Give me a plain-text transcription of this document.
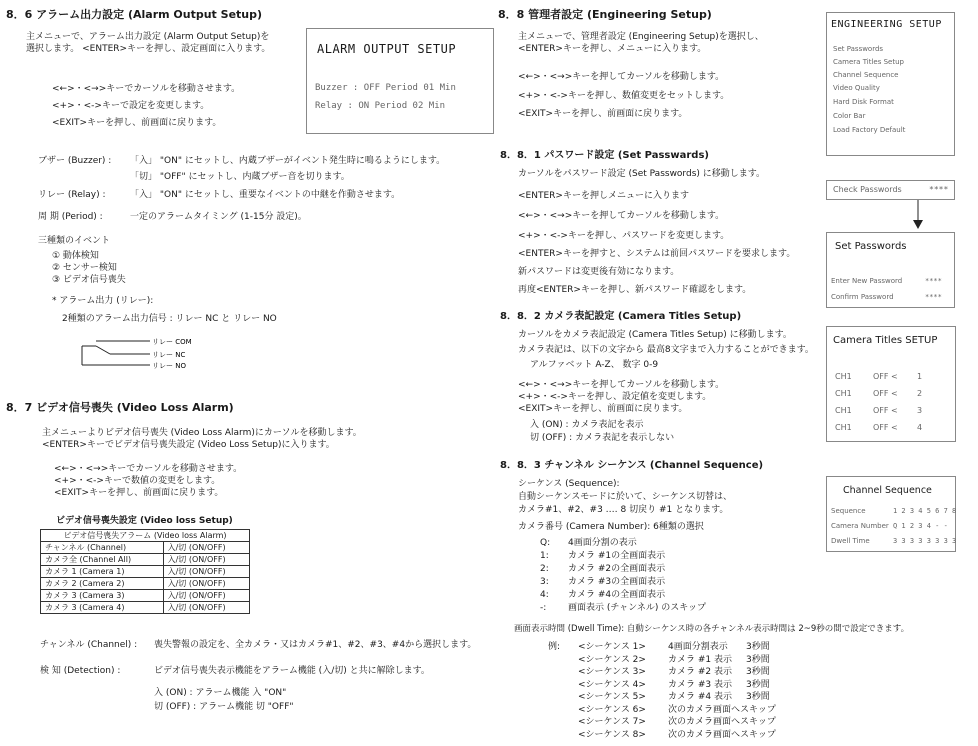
8．6 アラーム出力設定 (Alarm Output Setup)
主メニューで、アラーム出力設定 (Alarm Output Setup)を
選択します。 <ENTER>キーを押し、設定画面に入ります。
<←>・<→>キーでカーソルを移動させます。
<+>・<->キーで設定を変更します。
<EXIT>キーを押し、前画面に戻ります。
ALARM OUTPUT SETUP
Buzzer : OFF Period 01 Min
Relay : ON Period 02 Min
ブザー (Buzzer) : 「入」 "ON" にセットし、内蔵ブザーがイベント発生時に鳴るようにします。
「切」 "OFF" にセットし、内蔵ブザー音を切ります。
リレー (Relay) :	「入」 "ON" にセットし、重要なイベントの中継を作動させます。
周 期 (Period) :	一定のアラームタイミング (1-15分 設定)。
三種類のイベント
① 動体検知
② センサー検知
③ ビデオ信号喪失
* アラーム出力 (リレー):
2種類のアラーム出力信号 : リレー NC と リレー NO
リレー COM
リレー NC
リレー NO
8．7 ビデオ信号喪失 (Video Loss Alarm)
主メニューよりビデオ信号喪失 (Video Loss Alarm)にカーソルを移動します。
<ENTER>キーでビデオ信号喪失設定 (Video Loss Setup)に入ります。
<←>・<→>キーでカーソルを移動させます。
<+>・<->キーで数値の変更をします。
<EXIT>キーを押し、前画面に戻ります。
ビデオ信号喪失設定 (Video loss Setup)
ビデオ信号喪失アラーム (Video loss Alarm)	
チャンネル (Channel)	入/切 (ON/OFF)
カメラ全 (Channel All)	入/切 (ON/OFF)
カメラ 1 (Camera 1)	入/切 (ON/OFF)
カメラ 2 (Camera 2)	入/切 (ON/OFF)
カメラ 3 (Camera 3)	入/切 (ON/OFF)
カメラ 3 (Camera 4)	入/切 (ON/OFF)
チャンネル (Channel) : 喪失警報の設定を、全カメラ・又はカメラ#1、#2、#3、#4から選択します。
検 知 (Detection) :	ビデオ信号喪失表示機能をアラーム機能 (入/切) と共に解除します。
入 (ON) : アラーム機能 入 "ON"
切 (OFF) : アラーム機能 切 "OFF"
8．8 管理者設定 (Engineering Setup)
主メニューで、管理者設定 (Engineering Setup)を選択し、
<ENTER>キーを押し、メニューに入ります。
<←>・<→>キーを押してカーソルを移動します。
<+>・<->キーを押し、数値変更をセットします。
<EXIT>キーを押し、前画面に戻ります。
ENGINEERING SETUP
Set Passwords
Camera Titles Setup
Channel Sequence
Video Quality
Hard Disk Format
Color Bar
Load Factory Default
8．8．1 パスワード設定 (Set Passwards)
カーソルをパスワード設定 (Set Passwords) に移動します。
<ENTER>キーを押しメニューに入ります
<←>・<→>キーを押してカーソルを移動します。
<+>・<->キーを押し、パスワードを変更します。
<ENTER>キーを押すと、システムは前回パスワードを要求します。
新パスワードは変更後有効になります。
再度<ENTER>キーを押し、新パスワード確認をします。
Check Passwords	****
Set Passwords
Enter New Password	****
Confirm Password	****
8．8．2 カメラ表記設定 (Camera Titles Setup)
カーソルをカメラ表記設定 (Camera Titles Setup) に移動します。
カメラ表記は、以下の文字から 最高8文字まで入力することができます。
アルファベット A-Z、 数字 0-9
<←>・<→>キーを押してカーソルを移動します。
<+>・<->キーを押し、設定値を変更します。
<EXIT>キーを押し、前画面に戻ります。
入 (ON) : カメラ表記を表示
切 (OFF) : カメラ表記を表示しない
Camera Titles SETUP
CH1	OFF < 1
CH1	OFF < 2
CH1	OFF < 3
CH1	OFF < 4
8．8．3 チャンネル シーケンス (Channel Sequence)
シーケンス (Sequence):
自動シーケンスモードに於いて、シーケンス切替は、
カメラ#1、#2、#3 ‥‥ 8 切戻り #1 となります。
カメラ番号 (Camera Number): 6種類の選択
Q: 4画面分割の表示
1: カメラ #1の全画面表示
2: カメラ #2の全画面表示
3: カメラ #3の全画面表示
4: カメラ #4の全画面表示
-: 画面表示 (チャンネル) のスキップ
画面表示時間 (Dwell Time): 自動シーケンス時の各チャンネル表示時間は 2~9秒の間で設定できます。
例: <シーケンス 1> 4画面分割表示 3秒間
<シーケンス 2> カメラ #1 表示 3秒間
<シーケンス 3> カメラ #2 表示 3秒間
<シーケンス 4> カメラ #3 表示 3秒間
<シーケンス 5> カメラ #4 表示 3秒間
<シーケンス 6> 次のカメラ画面へスキップ
<シーケンス 7> 次のカメラ画面へスキップ
<シーケンス 8> 次のカメラ画面へスキップ
Channel Sequence
Sequence	1 2 3 4 5 6 7 8
Camera Number Q 1 2 3 4 - -
Dwell Time	3 3 3 3 3 3 3 3
